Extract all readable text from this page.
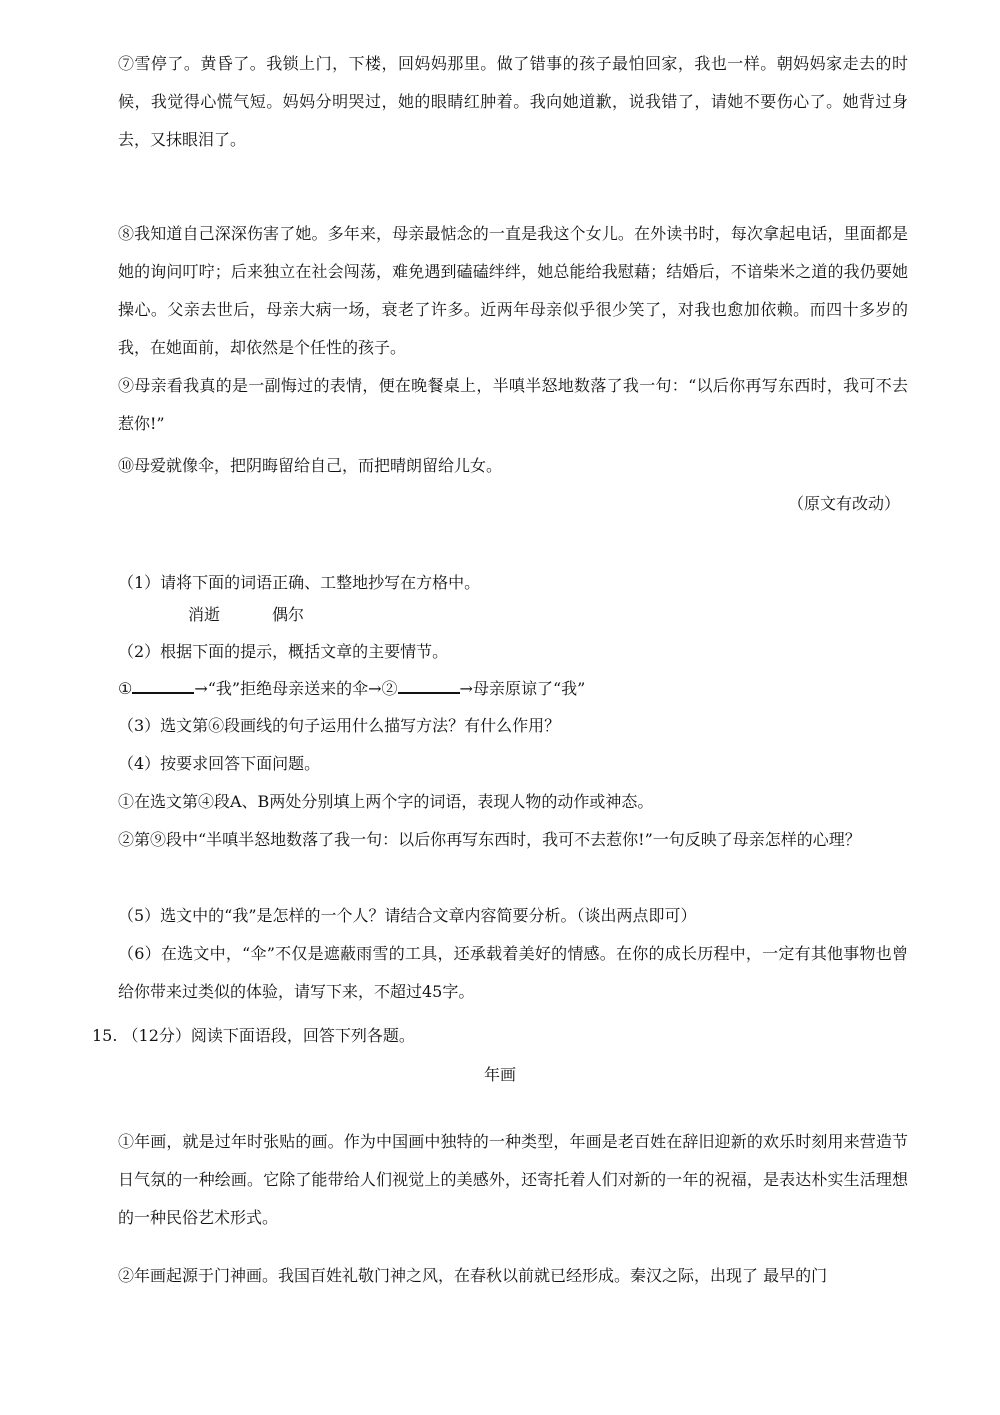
⑦雪停了。黄昏了。我锁上门，下楼，回妈妈那里。做了错事的孩子最怕回家，我也一样。朝妈妈家走去的时候，我觉得心慌气短。妈妈分明哭过，她的眼睛红肿着。我向她道歉，说我错了，请她不要伤心了。她背过身去，又抹眼泪了。

⑧我知道自己深深伤害了她。多年来，母亲最惦念的一直是我这个女儿。在外读书时，每次拿起电话，里面都是她的询问叮咛；后来独立在社会闯荡，难免遇到磕磕绊绊，她总能给我慰藉；结婚后，不谙柴米之道的我仍要她操心。父亲去世后，母亲大病一场，衰老了许多。近两年母亲似乎很少笑了，对我也愈加依赖。而四十多岁的我，在她面前，却依然是个任性的孩子。

⑨母亲看我真的是一副悔过的表情，便在晚餐桌上，半嗔半怒地数落了我一句：“以后你再写东西时，我可不去惹你!”

⑩母爱就像伞，把阴晦留给自己，而把晴朗留给儿女。

（原文有改动）

（1）请将下面的词语正确、工整地抄写在方格中。

消逝	偶尔

（2）根据下面的提示，概括文章的主要情节。

①	→“我”拒绝母亲送来的伞→②	→母亲原谅了“我”

（3）选文第⑥段画线的句子运用什么描写方法？有什么作用？

（4）按要求回答下面问题。

①在选文第④段A、B两处分别填上两个字的词语，表现人物的动作或神态。

②第⑨段中“半嗔半怒地数落了我一句：以后你再写东西时，我可不去惹你!”一句反映了母亲怎样的心理？

（5）选文中的“我”是怎样的一个人？请结合文章内容简要分析。（谈出两点即可）

（6）在选文中，“伞”不仅是遮蔽雨雪的工具，还承载着美好的情感。在你的成长历程中，一定有其他事物也曾给你带来过类似的体验，请写下来，不超过45字。

15. （12分）阅读下面语段，回答下列各题。

年画

①年画，就是过年时张贴的画。作为中国画中独特的一种类型，年画是老百姓在辞旧迎新的欢乐时刻用来营造节日气氛的一种绘画。它除了能带给人们视觉上的美感外，还寄托着人们对新的一年的祝福，是表达朴实生活理想的一种民俗艺术形式。

②年画起源于门神画。我国百姓礼敬门神之风，在春秋以前就已经形成。秦汉之际，出现了 最早的门
